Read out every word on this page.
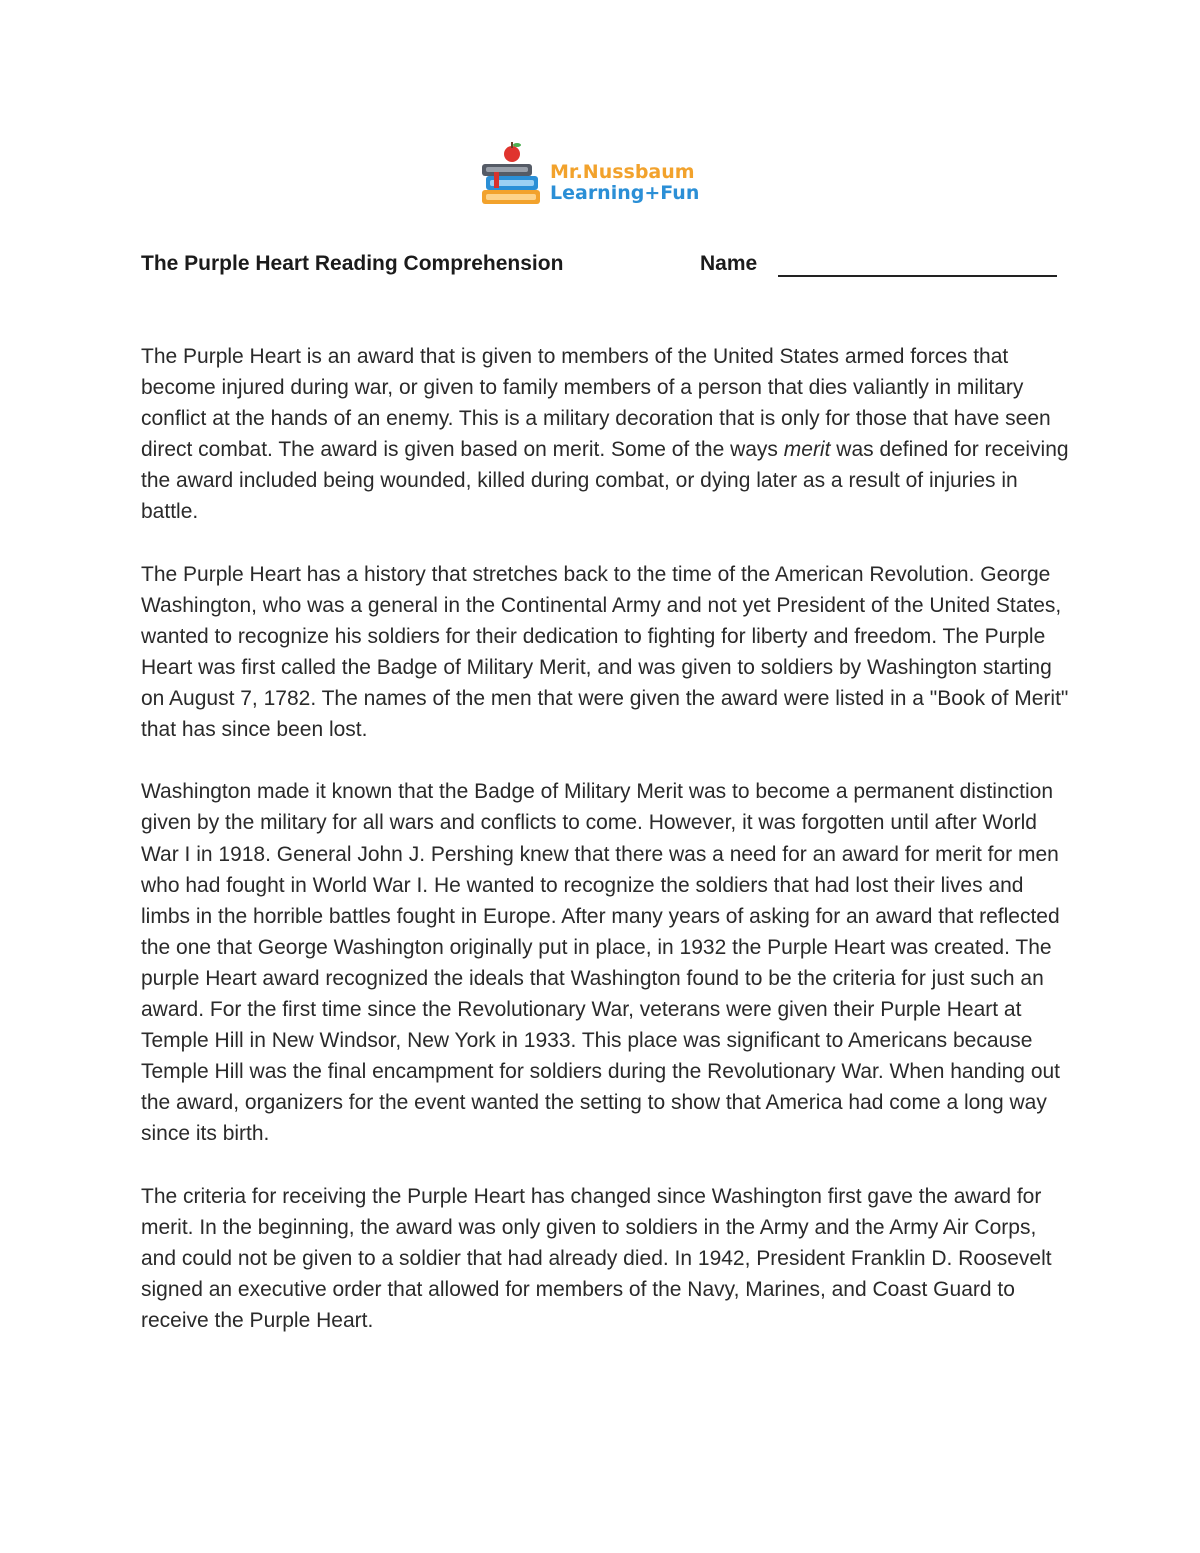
Mr.Nussbaum
Learning+Fun
The Purple Heart Reading Comprehension	Name

The Purple Heart is an award that is given to members of the United States armed forces that become injured during war, or given to family members of a person that dies valiantly in military conflict at the hands of an enemy. This is a military decoration that is only for those that have seen direct combat. The award is given based on merit. Some of the ways merit was defined for receiving the award included being wounded, killed during combat, or dying later as a result of injuries in battle.

The Purple Heart has a history that stretches back to the time of the American Revolution. George Washington, who was a general in the Continental Army and not yet President of the United States, wanted to recognize his soldiers for their dedication to fighting for liberty and freedom. The Purple Heart was first called the Badge of Military Merit, and was given to soldiers by Washington starting on August 7, 1782. The names of the men that were given the award were listed in a "Book of Merit" that has since been lost.

Washington made it known that the Badge of Military Merit was to become a permanent distinction given by the military for all wars and conflicts to come. However, it was forgotten until after World War I in 1918. General John J. Pershing knew that there was a need for an award for merit for men who had fought in World War I. He wanted to recognize the soldiers that had lost their lives and limbs in the horrible battles fought in Europe. After many years of asking for an award that reflected the one that George Washington originally put in place, in 1932 the Purple Heart was created. The purple Heart award recognized the ideals that Washington found to be the criteria for just such an award. For the first time since the Revolutionary War, veterans were given their Purple Heart at Temple Hill in New Windsor, New York in 1933. This place was significant to Americans because Temple Hill was the final encampment for soldiers during the Revolutionary War. When handing out the award, organizers for the event wanted the setting to show that America had come a long way since its birth.

The criteria for receiving the Purple Heart has changed since Washington first gave the award for merit. In the beginning, the award was only given to soldiers in the Army and the Army Air Corps, and could not be given to a soldier that had already died. In 1942, President Franklin D. Roosevelt signed an executive order that allowed for members of the Navy, Marines, and Coast Guard to receive the Purple Heart.
